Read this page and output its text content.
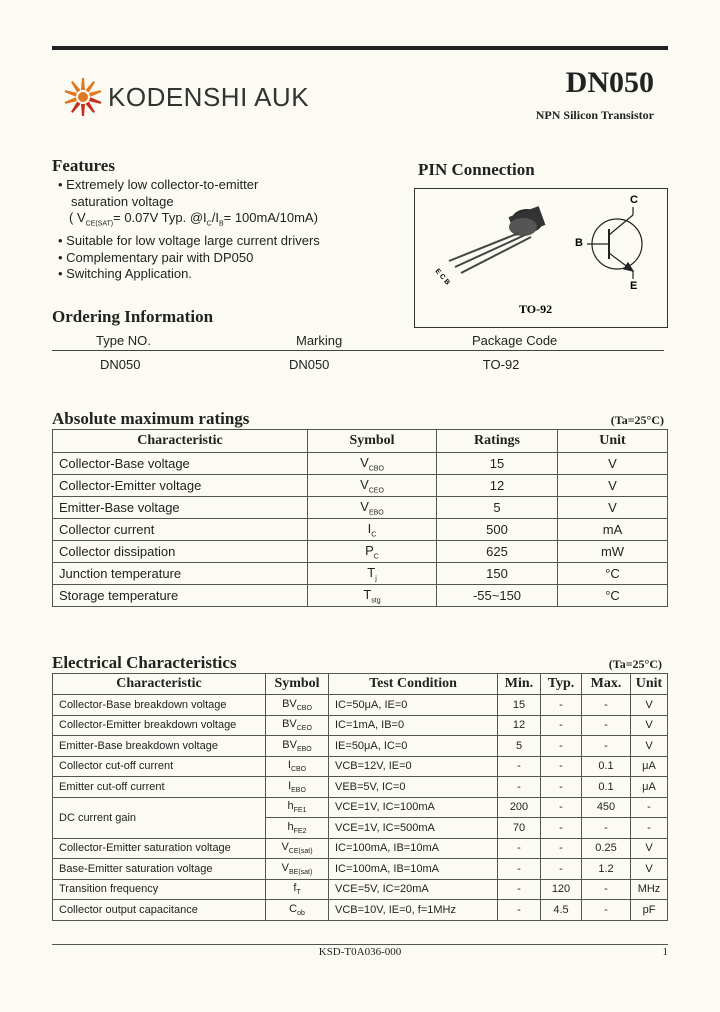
KODENSHI AUK	DN050
NPN Silicon Transistor
Features
• Extremely low collector-to-emitter
saturation voltage
( $V_{CE(SAT)}= 0.07V$ Typ. $@I_C/I_B= 100mA/10mA$)
• Suitable for low voltage large current drivers
• Complementary pair with DP050
• Switching Application.
PIN Connection
E C B
C
B
E
TO-92
Ordering Information
Type NO.	Marking	Package Code
DN050	DN050	TO-92
Absolute maximum ratings	(Ta=25°C)
Characteristic	Symbol	Ratings	Unit
Collector-Base voltage	$V_{CBO}$	15	V
Collector-Emitter voltage	$V_{CEO}$	12	V
Emitter-Base voltage	$V_{EBO}$	5	V
Collector current	$I_C$	500	mA
Collector dissipation	$P_C$	625	mW
Junction temperature	$T_j$	150	°C
Storage temperature	$T_{stg}$	-55~150	°C
Electrical Characteristics	(Ta=25°C)
Characteristic	Symbol	Test Condition	Min.	Typ.	Max.	Unit
Collector-Base breakdown voltage	$BV_{CBO}$	IC=50μA, IE=0	15	-	-	V
Collector-Emitter breakdown voltage	$BV_{CEO}$	IC=1mA, IB=0	12	-	-	V
Emitter-Base breakdown voltage	$BV_{EBO}$	IE=50μA, IC=0	5	-	-	V
Collector cut-off current	$I_{CBO}$	VCB=12V, IE=0	-	-	0.1	μA
Emitter cut-off current	$I_{EBO}$	VEB=5V, IC=0	-	-	0.1	μA
DC current gain	$h_{FE1}$	VCE=1V, IC=100mA	200	-	450	-
	$h_{FE2}$	VCE=1V, IC=500mA	70	-	-	-
Collector-Emitter saturation voltage	$V_{CE(sat)}$	IC=100mA, IB=10mA	-	-	0.25	V
Base-Emitter saturation voltage	$V_{BE(sat)}$	IC=100mA, IB=10mA	-	-	1.2	V
Transition frequency	$f_T$	VCE=5V, IC=20mA	-	120	-	MHz
Collector output capacitance	$C_{ob}$	VCB=10V, IE=0, f=1MHz	-	4.5	-	pF
KSD-T0A036-000	1
